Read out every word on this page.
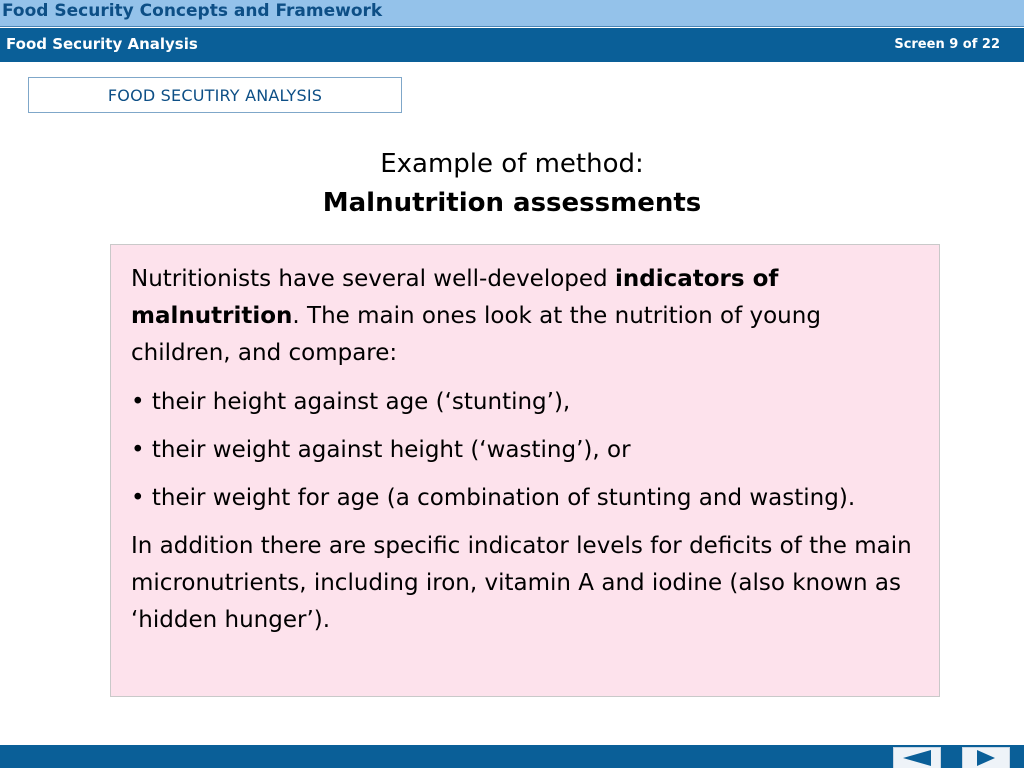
Food Security Concepts and Framework
Food Security Analysis	Screen 9 of 22
FOOD SECUTIRY ANALYSIS
Example of method:
Malnutrition assessments

Nutritionists have several well-developed indicators of malnutrition. The main ones look at the nutrition of young children, and compare:

• their height against age (‘stunting’),

• their weight against height (‘wasting’), or

• their weight for age (a combination of stunting and wasting).

In addition there are specific indicator levels for deficits of the main micronutrients, including iron, vitamin A and iodine (also known as ‘hidden hunger’).
